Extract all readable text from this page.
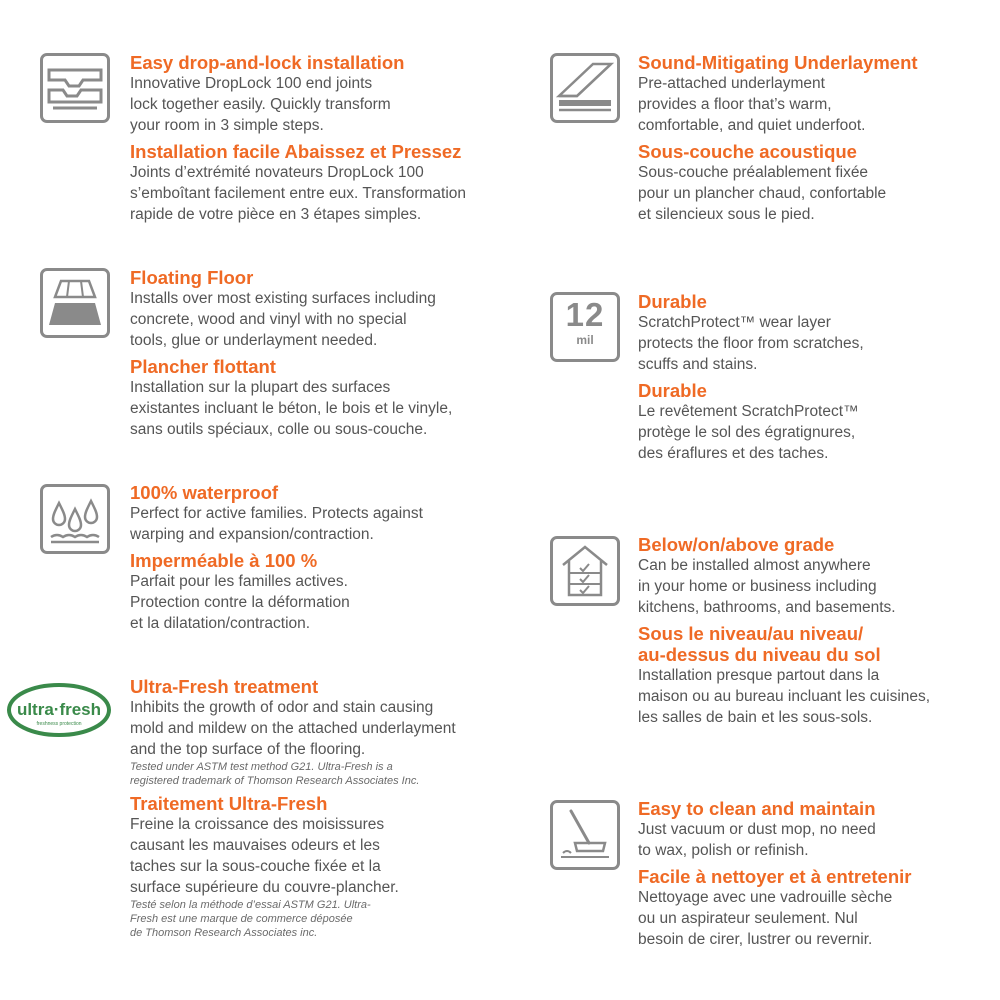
Easy drop-and-lock installation
Innovative DropLock 100 end joints
lock together easily. Quickly transform
your room in 3 simple steps.
Installation facile Abaissez et Pressez
Joints d’extrémité novateurs DropLock 100
s’emboîtant facilement entre eux. Transformation
rapide de votre pièce en 3 étapes simples.
Floating Floor
Installs over most existing surfaces including
concrete, wood and vinyl with no special
tools, glue or underlayment needed.
Plancher flottant
Installation sur la plupart des surfaces
existantes incluant le béton, le bois et le vinyle,
sans outils spéciaux, colle ou sous-couche.
100% waterproof
Perfect for active families. Protects against
warping and expansion/contraction.
Imperméable à 100 %
Parfait pour les familles actives.
Protection contre la déformation
et la dilatation/contraction.
ultra·fresh
freshness protection
Ultra-Fresh treatment
Inhibits the growth of odor and stain causing
mold and mildew on the attached underlayment
and the top surface of the flooring.
Tested under ASTM test method G21. Ultra-Fresh is a
registered trademark of Thomson Research Associates Inc.
Traitement Ultra-Fresh
Freine la croissance des moisissures
causant les mauvaises odeurs et les
taches sur la sous-couche fixée et la
surface supérieure du couvre-plancher.
Testé selon la méthode d’essai ASTM G21. Ultra-
Fresh est une marque de commerce déposée
de Thomson Research Associates inc.
Sound-Mitigating Underlayment
Pre-attached underlayment
provides a floor that’s warm,
comfortable, and quiet underfoot.
Sous-couche acoustique
Sous-couche préalablement fixée
pour un plancher chaud, confortable
et silencieux sous le pied.
12
mil
Durable
ScratchProtect™ wear layer
protects the floor from scratches,
scuffs and stains.
Durable
Le revêtement ScratchProtect™
protège le sol des égratignures,
des éraflures et des taches.
Below/on/above grade
Can be installed almost anywhere
in your home or business including
kitchens, bathrooms, and basements.
Sous le niveau/au niveau/
au-dessus du niveau du sol
Installation presque partout dans la
maison ou au bureau incluant les cuisines,
les salles de bain et les sous-sols.
Easy to clean and maintain
Just vacuum or dust mop, no need
to wax, polish or refinish.
Facile à nettoyer et à entretenir
Nettoyage avec une vadrouille sèche
ou un aspirateur seulement. Nul
besoin de cirer, lustrer ou revernir.
